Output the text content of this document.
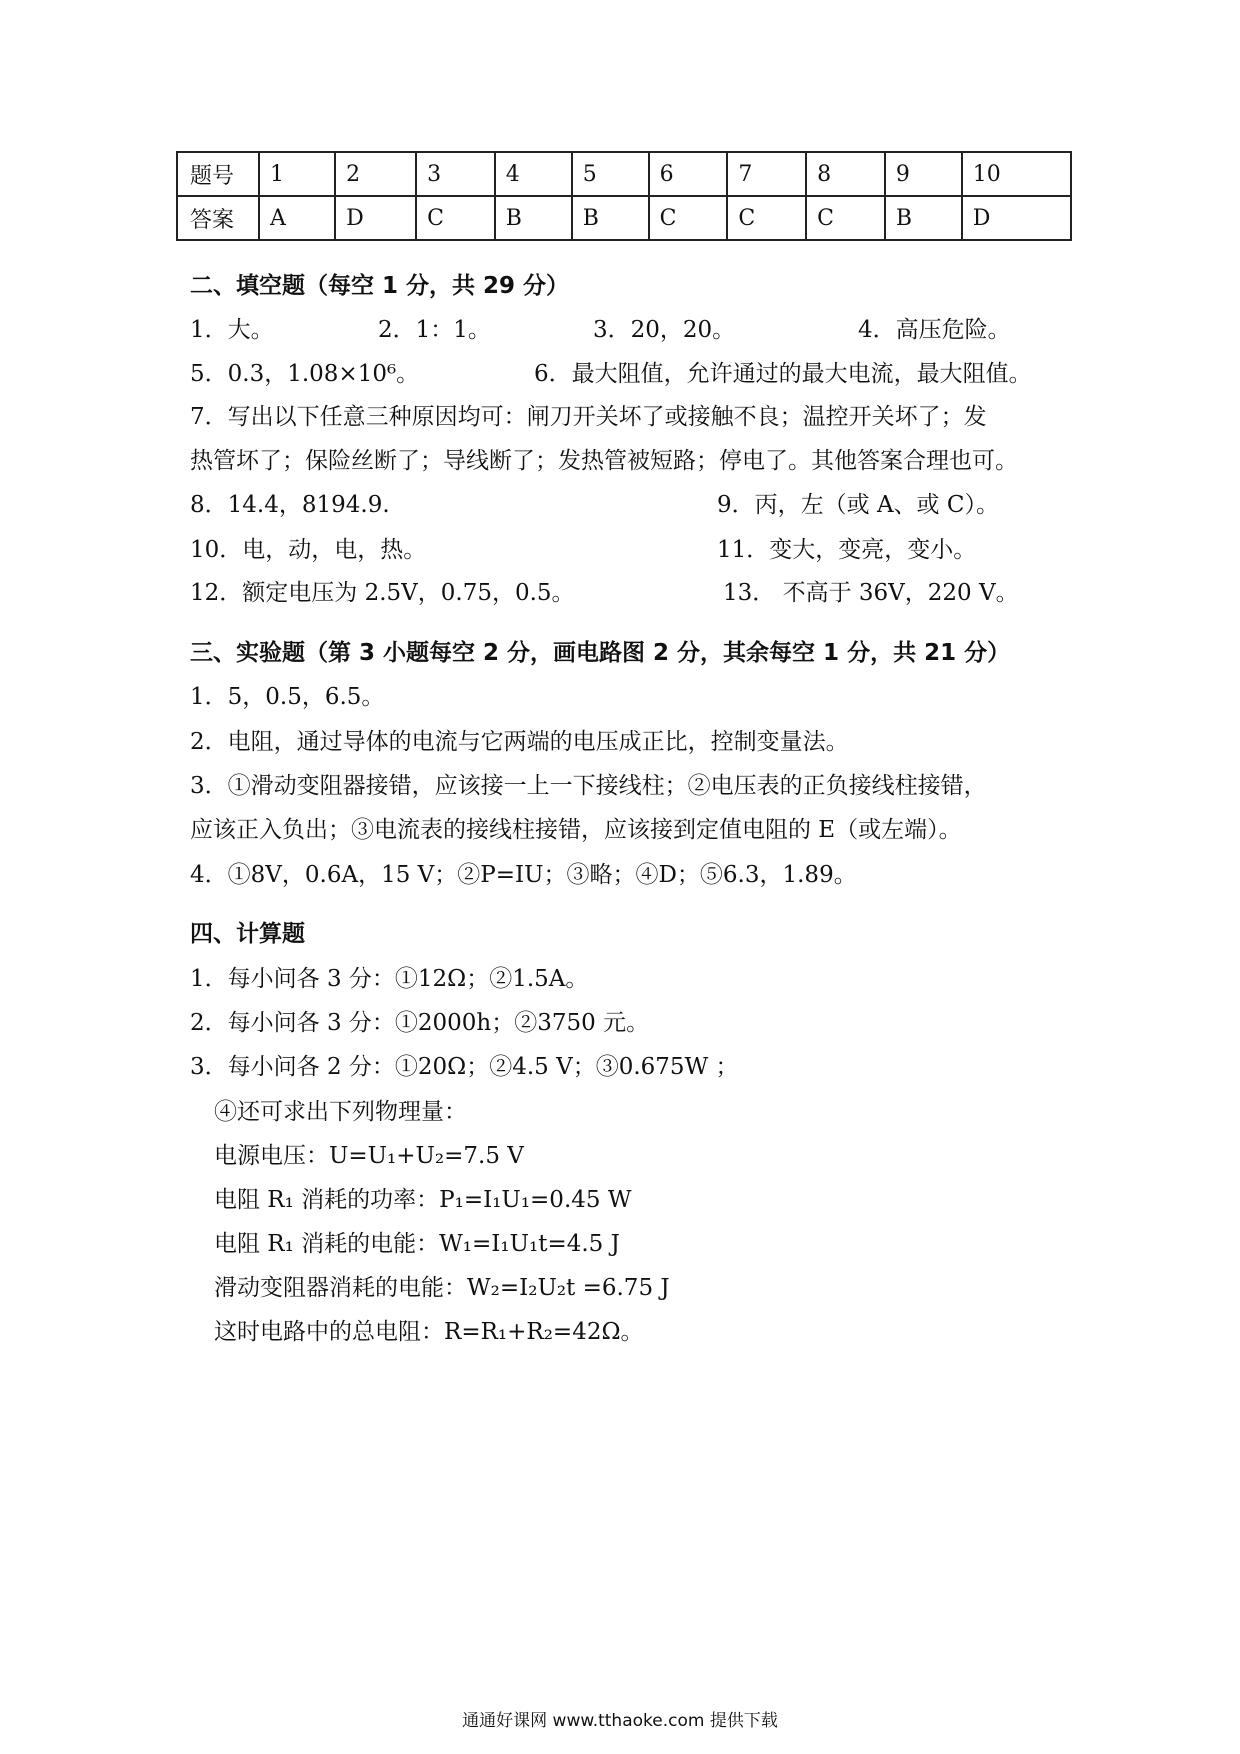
题号	1	2	3	4	5	6	7	8	9	10
答案	A	D	C	B	B	C	C	C	B	D
二、填空题（每空 1 分，共 29 分）
1．大。	2．1：1。	3．20，20。	4．高压危险。
5．0.3，1.08×10⁶。	6．最大阻值，允许通过的最大电流，最大阻值。
7．写出以下任意三种原因均可：闸刀开关坏了或接触不良；温控开关坏了；发
热管坏了；保险丝断了；导线断了；发热管被短路；停电了。其他答案合理也可。
8．14.4，8194.9.	9．丙，左（或 A、或 C）。
10．电，动，电，热。	11．变大，变亮，变小。
12．额定电压为 2.5V，0.75，0.5。	13． 不高于 36V，220 V。
三、实验题（第 3 小题每空 2 分，画电路图 2 分，其余每空 1 分，共 21 分）
1．5，0.5，6.5。
2．电阻，通过导体的电流与它两端的电压成正比，控制变量法。
3．①滑动变阻器接错，应该接一上一下接线柱；②电压表的正负接线柱接错，
应该正入负出；③电流表的接线柱接错，应该接到定值电阻的 E（或左端）。
4．①8V，0.6A，15 V；②P=IU；③略；④D；⑤6.3，1.89。
四、计算题
1．每小问各 3 分：①12Ω；②1.5A。
2．每小问各 3 分：①2000h；②3750 元。
3．每小问各 2 分：①20Ω；②4.5 V；③0.675W ；
④还可求出下列物理量：
电源电压：U=U₁+U₂=7.5 V
电阻 R₁ 消耗的功率：P₁=I₁U₁=0.45 W
电阻 R₁ 消耗的电能：W₁=I₁U₁t=4.5 J
滑动变阻器消耗的电能：W₂=I₂U₂t =6.75 J
这时电路中的总电阻：R=R₁+R₂=42Ω。
通通好课网 www.tthaoke.com 提供下载
